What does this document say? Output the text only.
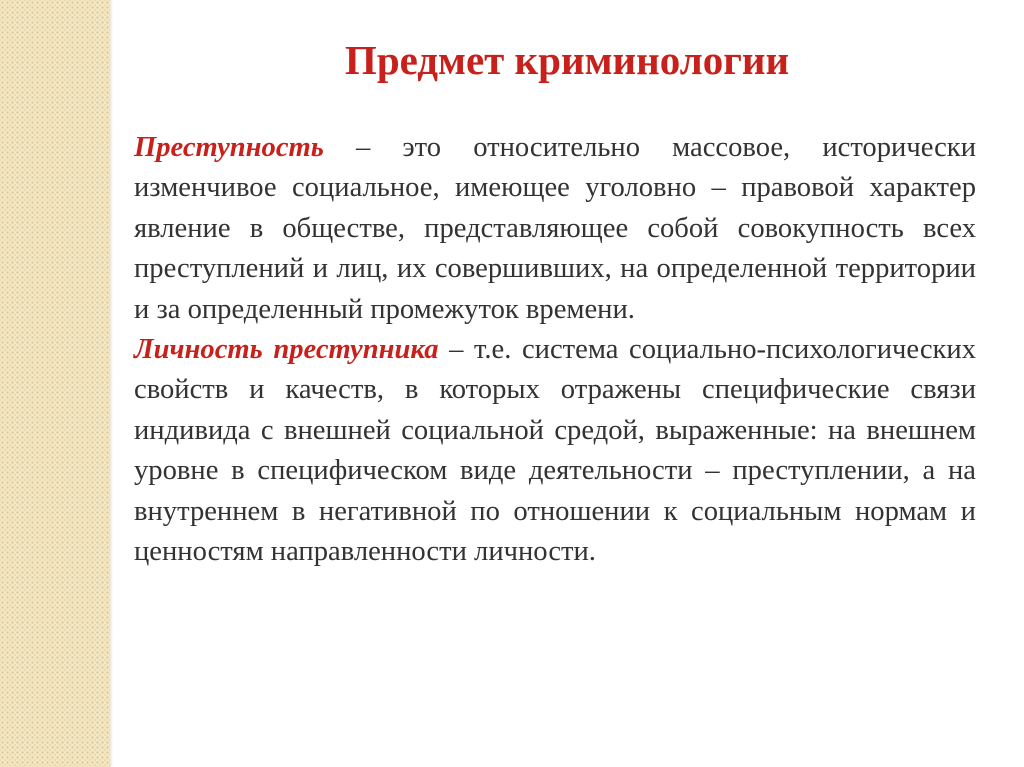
Предмет криминологии

Преступность – это относительно массовое, исторически изменчивое социальное, имеющее уголовно – правовой характер явление в обществе, представляющее собой совокупность всех преступлений и лиц, их совершивших, на определенной территории и за определенный промежуток времени.

Личность преступника – т.е. система социально-психологических свойств и качеств, в которых отражены специфические связи индивида с внешней социальной средой, выраженные: на внешнем уровне в специфическом виде деятельности – преступлении, а на внутреннем в негативной по отношении к социальным нормам и ценностям направленности личности.
